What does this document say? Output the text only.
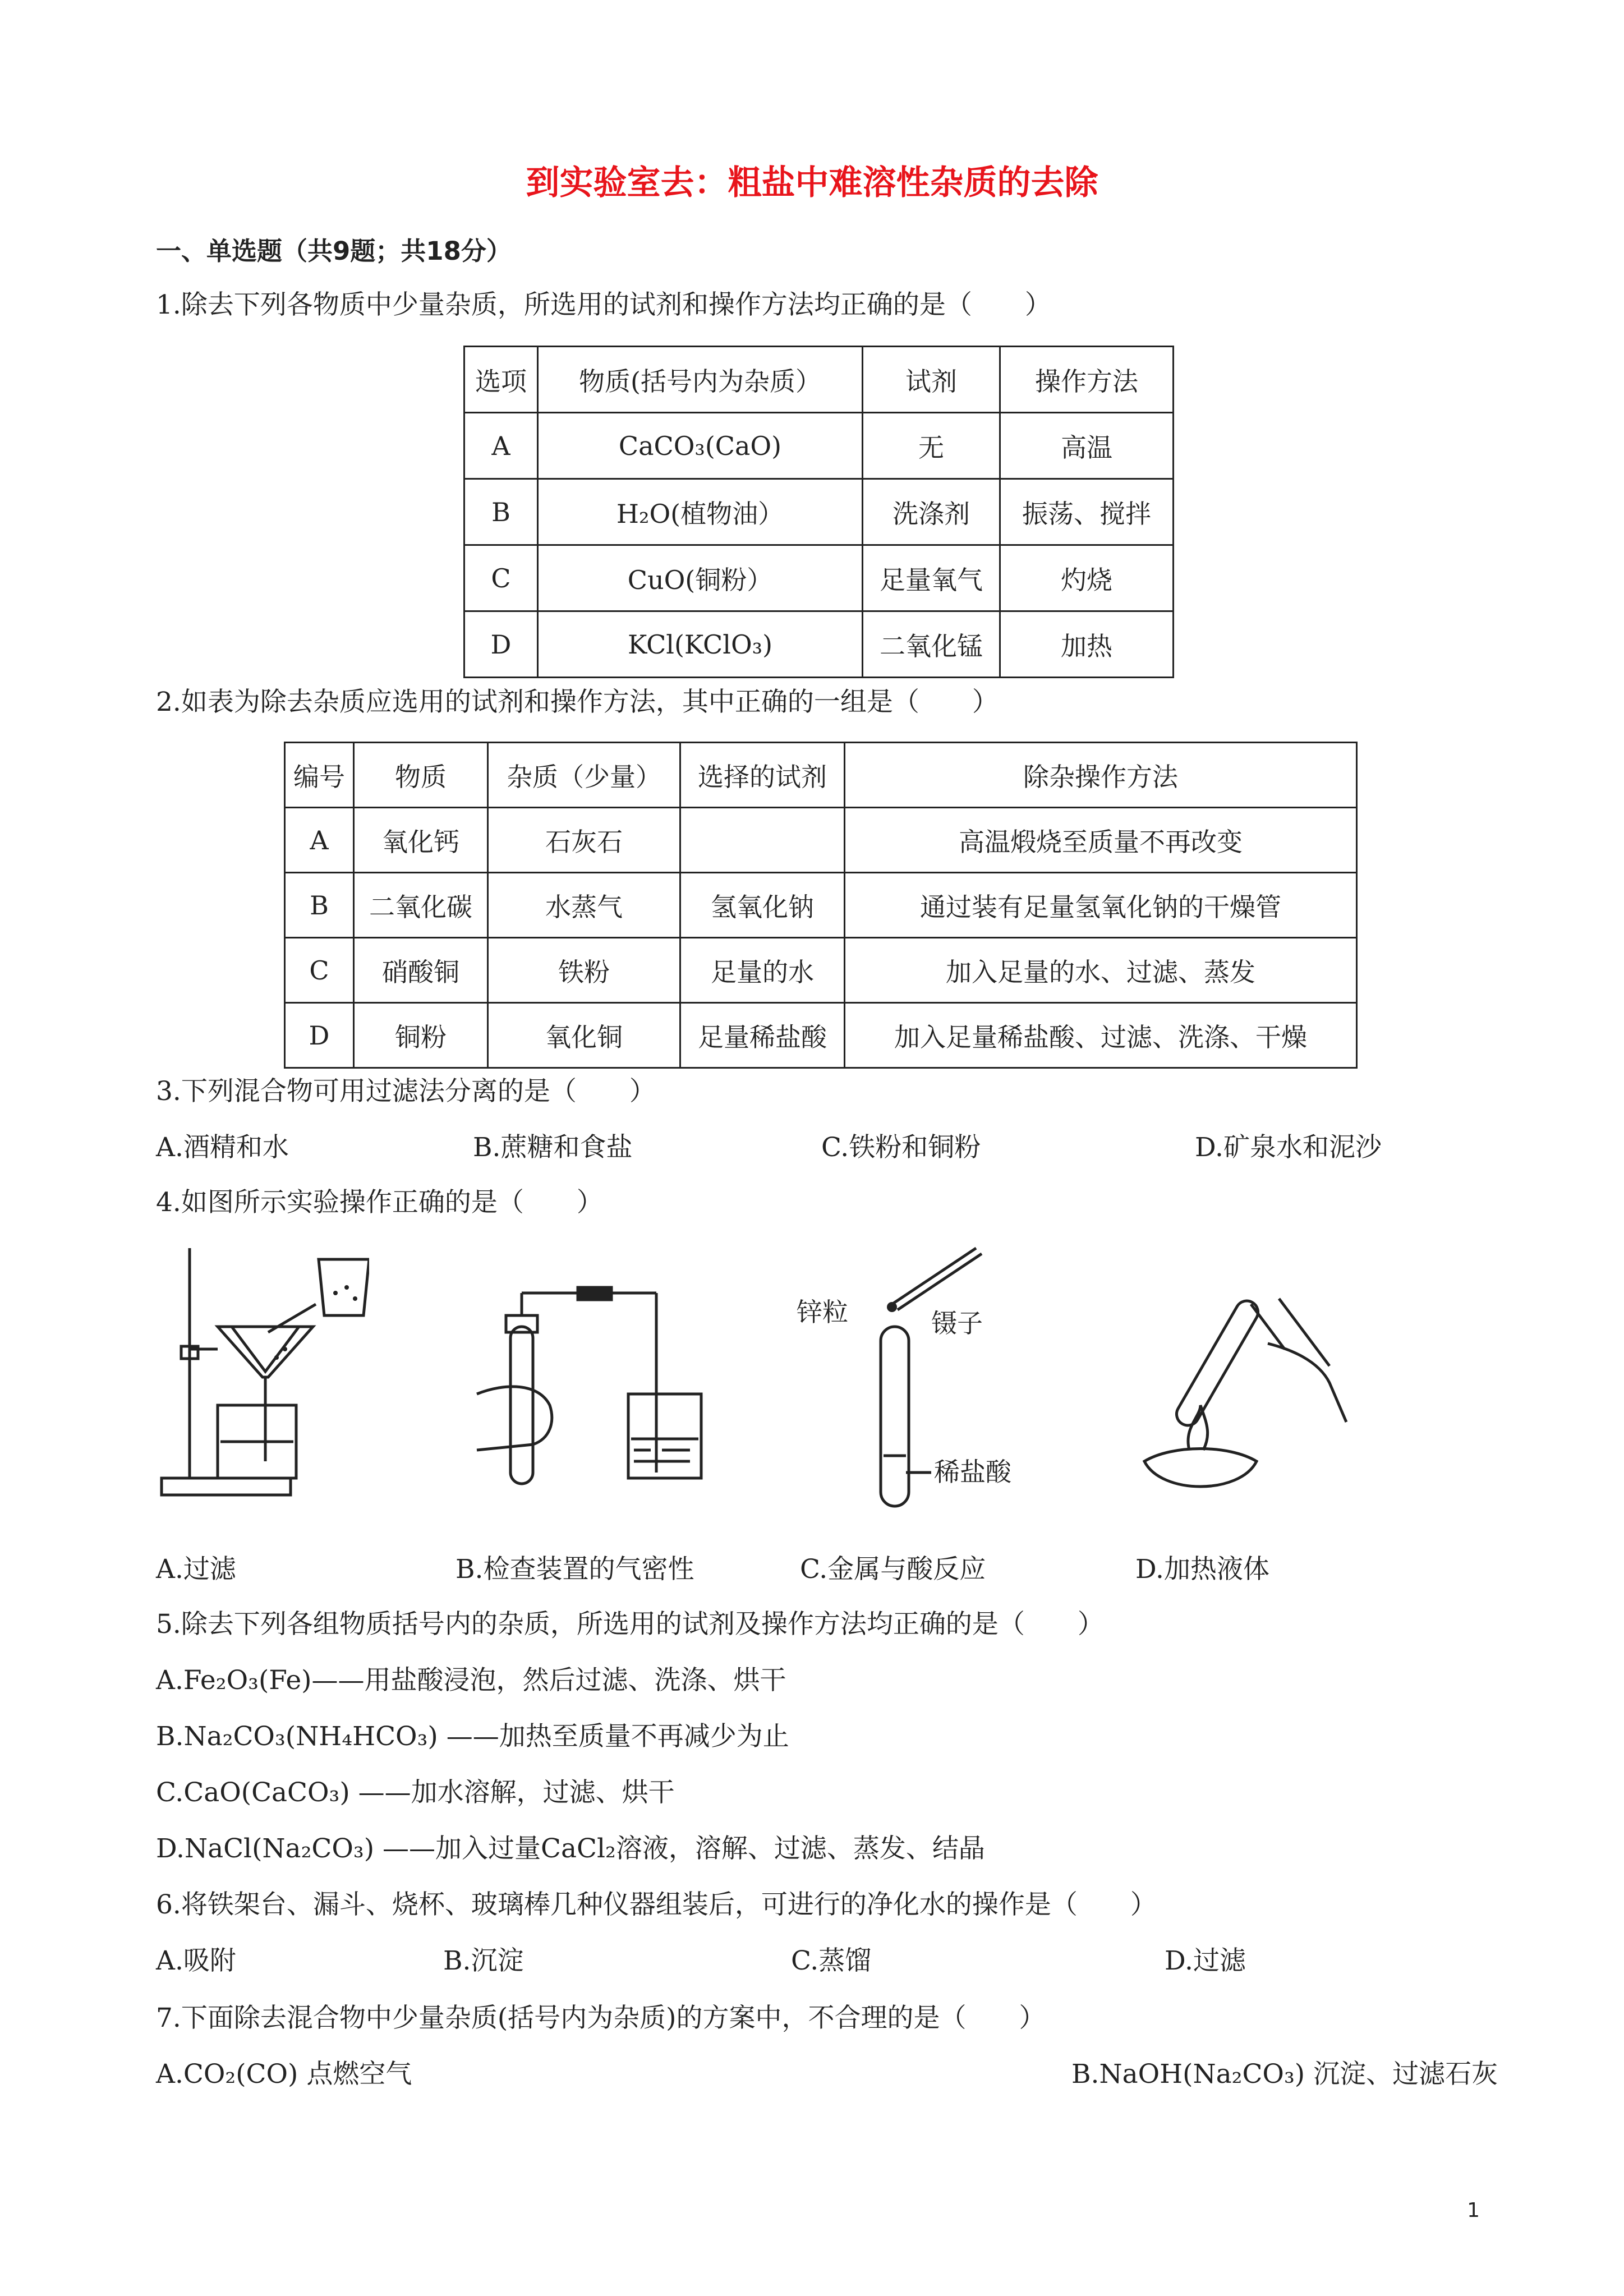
到实验室去：粗盐中难溶性杂质的去除
一、单选题（共9题；共18分）
1.除去下列各物质中少量杂质，所选用的试剂和操作方法均正确的是（　　）
选项	物质(括号内为杂质）	试剂	操作方法
A	CaCO₃(CaO)	无	高温
B	H₂O(植物油）	洗涤剂	振荡、搅拌
C	CuO(铜粉）	足量氧气	灼烧
D	KCl(KClO₃)	二氧化锰	加热
2.如表为除去杂质应选用的试剂和操作方法，其中正确的一组是（　　）
编号	物质	杂质（少量）	选择的试剂	除杂操作方法
A	氧化钙	石灰石		高温煅烧至质量不再改变
B	二氧化碳	水蒸气	氢氧化钠	通过装有足量氢氧化钠的干燥管
C	硝酸铜	铁粉	足量的水	加入足量的水、过滤、蒸发
D	铜粉	氧化铜	足量稀盐酸	加入足量稀盐酸、过滤、洗涤、干燥
3.下列混合物可用过滤法分离的是（　　）
A.酒精和水	B.蔗糖和食盐	C.铁粉和铜粉	D.矿泉水和泥沙
4.如图所示实验操作正确的是（　　）
锌粒	镊子
稀盐酸
A.过滤	B.检查装置的气密性	C.金属与酸反应	D.加热液体
5.除去下列各组物质括号内的杂质，所选用的试剂及操作方法均正确的是（　　）
A.Fe₂O₃(Fe)——用盐酸浸泡，然后过滤、洗涤、烘干
B.Na₂CO₃(NH₄HCO₃) ——加热至质量不再减少为止
C.CaO(CaCO₃) ——加水溶解，过滤、烘干
D.NaCl(Na₂CO₃) ——加入过量CaCl₂溶液，溶解、过滤、蒸发、结晶
6.将铁架台、漏斗、烧杯、玻璃棒几种仪器组装后，可进行的净化水的操作是（　　）
A.吸附	B.沉淀	C.蒸馏	D.过滤
7.下面除去混合物中少量杂质(括号内为杂质)的方案中，不合理的是（　　）
A.CO₂(CO) 点燃空气	B.NaOH(Na₂CO₃) 沉淀、过滤石灰
1
